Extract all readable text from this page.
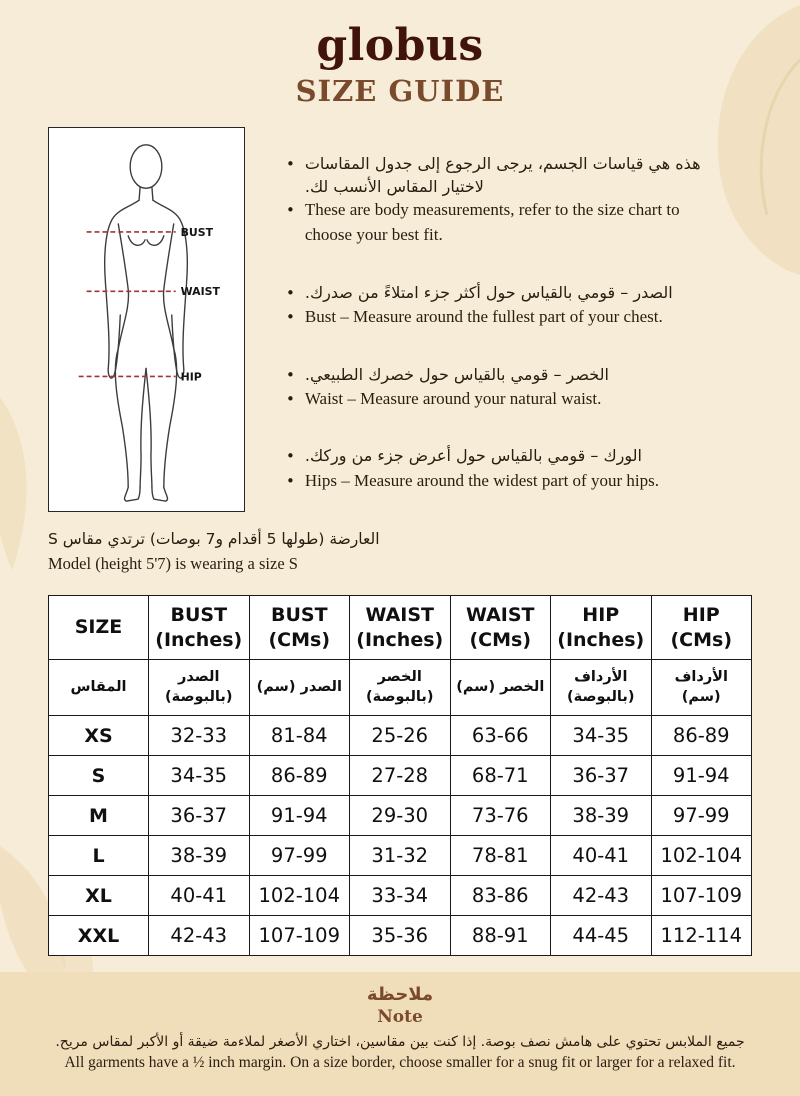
globus
SIZE GUIDE
BUST
WAIST
HIP
• هذه هي قياسات الجسم، يرجى الرجوع إلى جدول المقاسات لاختيار المقاس الأنسب لك.
• These are body measurements, refer to the size chart to choose your best fit.
• الصدر – قومي بالقياس حول أكثر جزء امتلاءً من صدرك.
• Bust – Measure around the fullest part of your chest.
• الخصر – قومي بالقياس حول خصرك الطبيعي.
• Waist – Measure around your natural waist.
• الورك – قومي بالقياس حول أعرض جزء من وركك.
• Hips – Measure around the widest part of your hips.
العارضة (طولها 5 أقدام و7 بوصات) ترتدي مقاس S
Model (height 5'7) is wearing a size S
SIZE	BUST (Inches)	BUST (CMs)	WAIST (Inches)	WAIST (CMs)	HIP (Inches)	HIP (CMs)
المقاس	الصدر (بالبوصة)	الصدر (سم)	الخصر (بالبوصة)	الخصر (سم)	الأرداف (بالبوصة)	الأرداف (سم)
XS	32-33	81-84	25-26	63-66	34-35	86-89
S	34-35	86-89	27-28	68-71	36-37	91-94
M	36-37	91-94	29-30	73-76	38-39	97-99
L	38-39	97-99	31-32	78-81	40-41	102-104
XL	40-41	102-104	33-34	83-86	42-43	107-109
XXL	42-43	107-109	35-36	88-91	44-45	112-114
ملاحظة
Note
جميع الملابس تحتوي على هامش نصف بوصة. إذا كنت بين مقاسين، اختاري الأصغر لملاءمة ضيقة أو الأكبر لمقاس مريح.
All garments have a ½ inch margin. On a size border, choose smaller for a snug fit or larger for a relaxed fit.
